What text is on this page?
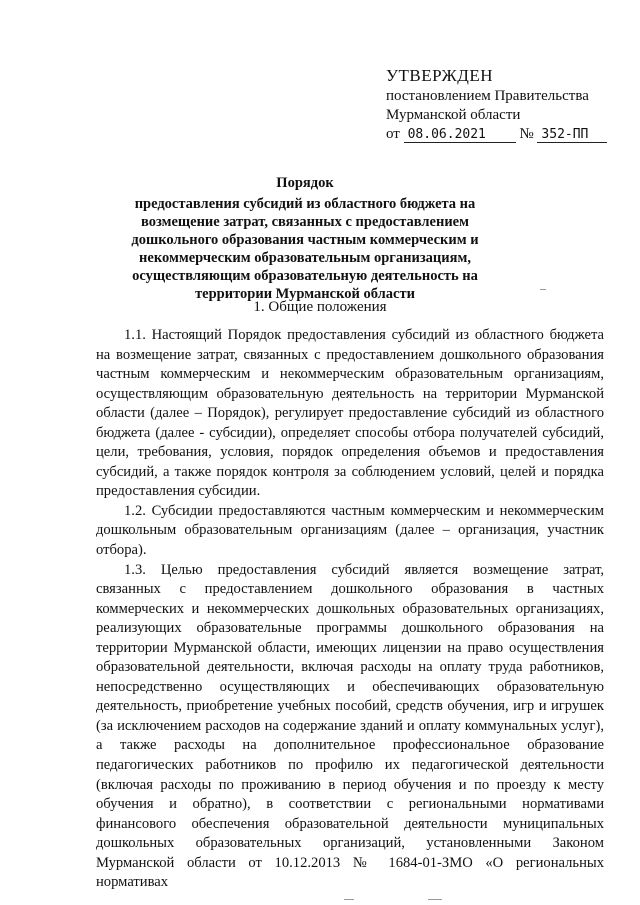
УТВЕРЖДЕН
постановлением Правительства
Мурманской области
от 08.06.2021 № 352-ПП
Порядок
предоставления субсидий из областного бюджета на возмещение затрат, связанных с предоставлением дошкольного образования частным коммерческим и некоммерческим образовательным организациям, осуществляющим образовательную деятельность на территории Мурманской области
1. Общие положения

1.1. Настоящий Порядок предоставления субсидий из областного бюджета на возмещение затрат, связанных с предоставлением дошкольного образования частным коммерческим и некоммерческим образовательным организациям, осуществляющим образовательную деятельность на территории Мурманской области (далее – Порядок), регулирует предоставление субсидий из областного бюджета (далее - субсидии), определяет способы отбора получателей субсидий, цели, требования, условия, порядок определения объемов и предоставления субсидий, а также порядок контроля за соблюдением условий, целей и порядка предоставления субсидии.

1.2. Субсидии предоставляются частным коммерческим и некоммерческим дошкольным образовательным организациям (далее – организация, участник отбора).

1.3. Целью предоставления субсидий является возмещение затрат, связанных с предоставлением дошкольного образования в частных коммерческих и некоммерческих дошкольных образовательных организациях, реализующих образовательные программы дошкольного образования на территории Мурманской области, имеющих лицензии на право осуществления образовательной деятельности, включая расходы на оплату труда работников, непосредственно осуществляющих и обеспечивающих образовательную деятельность, приобретение учебных пособий, средств обучения, игр и игрушек (за исключением расходов на содержание зданий и оплату коммунальных услуг), а также расходы на дополнительное профессиональное образование педагогических работников по профилю их педагогической деятельности (включая расходы по проживанию в период обучения и по проезду к месту обучения и обратно), в соответствии с региональными нормативами финансового обеспечения образовательной деятельности муниципальных дошкольных образовательных организаций, установленными Законом Мурманской области от 10.12.2013 № 1684-01-ЗМО «О региональных нормативах
